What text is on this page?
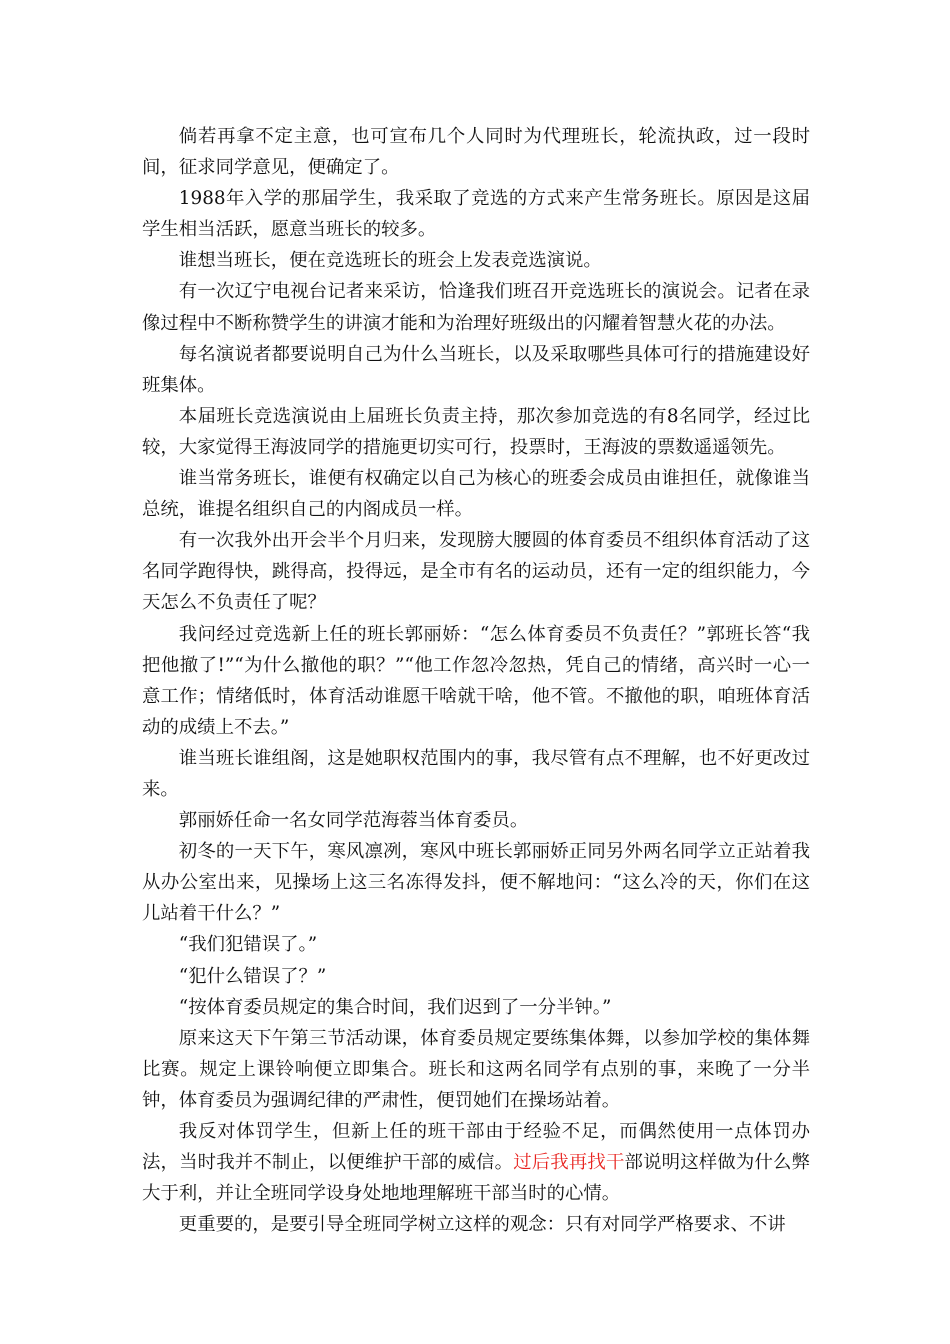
倘若再拿不定主意，也可宣布几个人同时为代理班长，轮流执政，过一段时间，征求同学意见，便确定了。

1988年入学的那届学生，我采取了竞选的方式来产生常务班长。原因是这届学生相当活跃，愿意当班长的较多。

谁想当班长，便在竞选班长的班会上发表竞选演说。

有一次辽宁电视台记者来采访，恰逢我们班召开竞选班长的演说会。记者在录像过程中不断称赞学生的讲演才能和为治理好班级出的闪耀着智慧火花的办法。

每名演说者都要说明自己为什么当班长，以及采取哪些具体可行的措施建设好班集体。

本届班长竞选演说由上届班长负责主持，那次参加竞选的有8名同学，经过比较，大家觉得王海波同学的措施更切实可行，投票时，王海波的票数遥遥领先。

谁当常务班长，谁便有权确定以自己为核心的班委会成员由谁担任，就像谁当总统，谁提名组织自己的内阁成员一样。

有一次我外出开会半个月归来，发现膀大腰圆的体育委员不组织体育活动了这名同学跑得快，跳得高，投得远，是全市有名的运动员，还有一定的组织能力，今天怎么不负责任了呢？

我问经过竞选新上任的班长郭丽娇：“怎么体育委员不负责任？”郭班长答“我把他撤了!”“为什么撤他的职？”“他工作忽冷忽热，凭自己的情绪，高兴时一心一意工作；情绪低时，体育活动谁愿干啥就干啥，他不管。不撤他的职，咱班体育活动的成绩上不去。”

谁当班长谁组阁，这是她职权范围内的事，我尽管有点不理解，也不好更改过来。

郭丽娇任命一名女同学范海蓉当体育委员。

初冬的一天下午，寒风凛冽，寒风中班长郭丽娇正同另外两名同学立正站着我从办公室出来，见操场上这三名冻得发抖，便不解地问：“这么冷的天，你们在这儿站着干什么？”

“我们犯错误了。”

“犯什么错误了？”

“按体育委员规定的集合时间，我们迟到了一分半钟。”

原来这天下午第三节活动课，体育委员规定要练集体舞，以参加学校的集体舞比赛。规定上课铃响便立即集合。班长和这两名同学有点别的事，来晚了一分半钟，体育委员为强调纪律的严肃性，便罚她们在操场站着。

我反对体罚学生，但新上任的班干部由于经验不足，而偶然使用一点体罚办法，当时我并不制止，以便维护干部的威信。过后我再找干部说明这样做为什么弊大于利，并让全班同学设身处地地理解班干部当时的心情。

更重要的，是要引导全班同学树立这样的观念：只有对同学严格要求、不讲
